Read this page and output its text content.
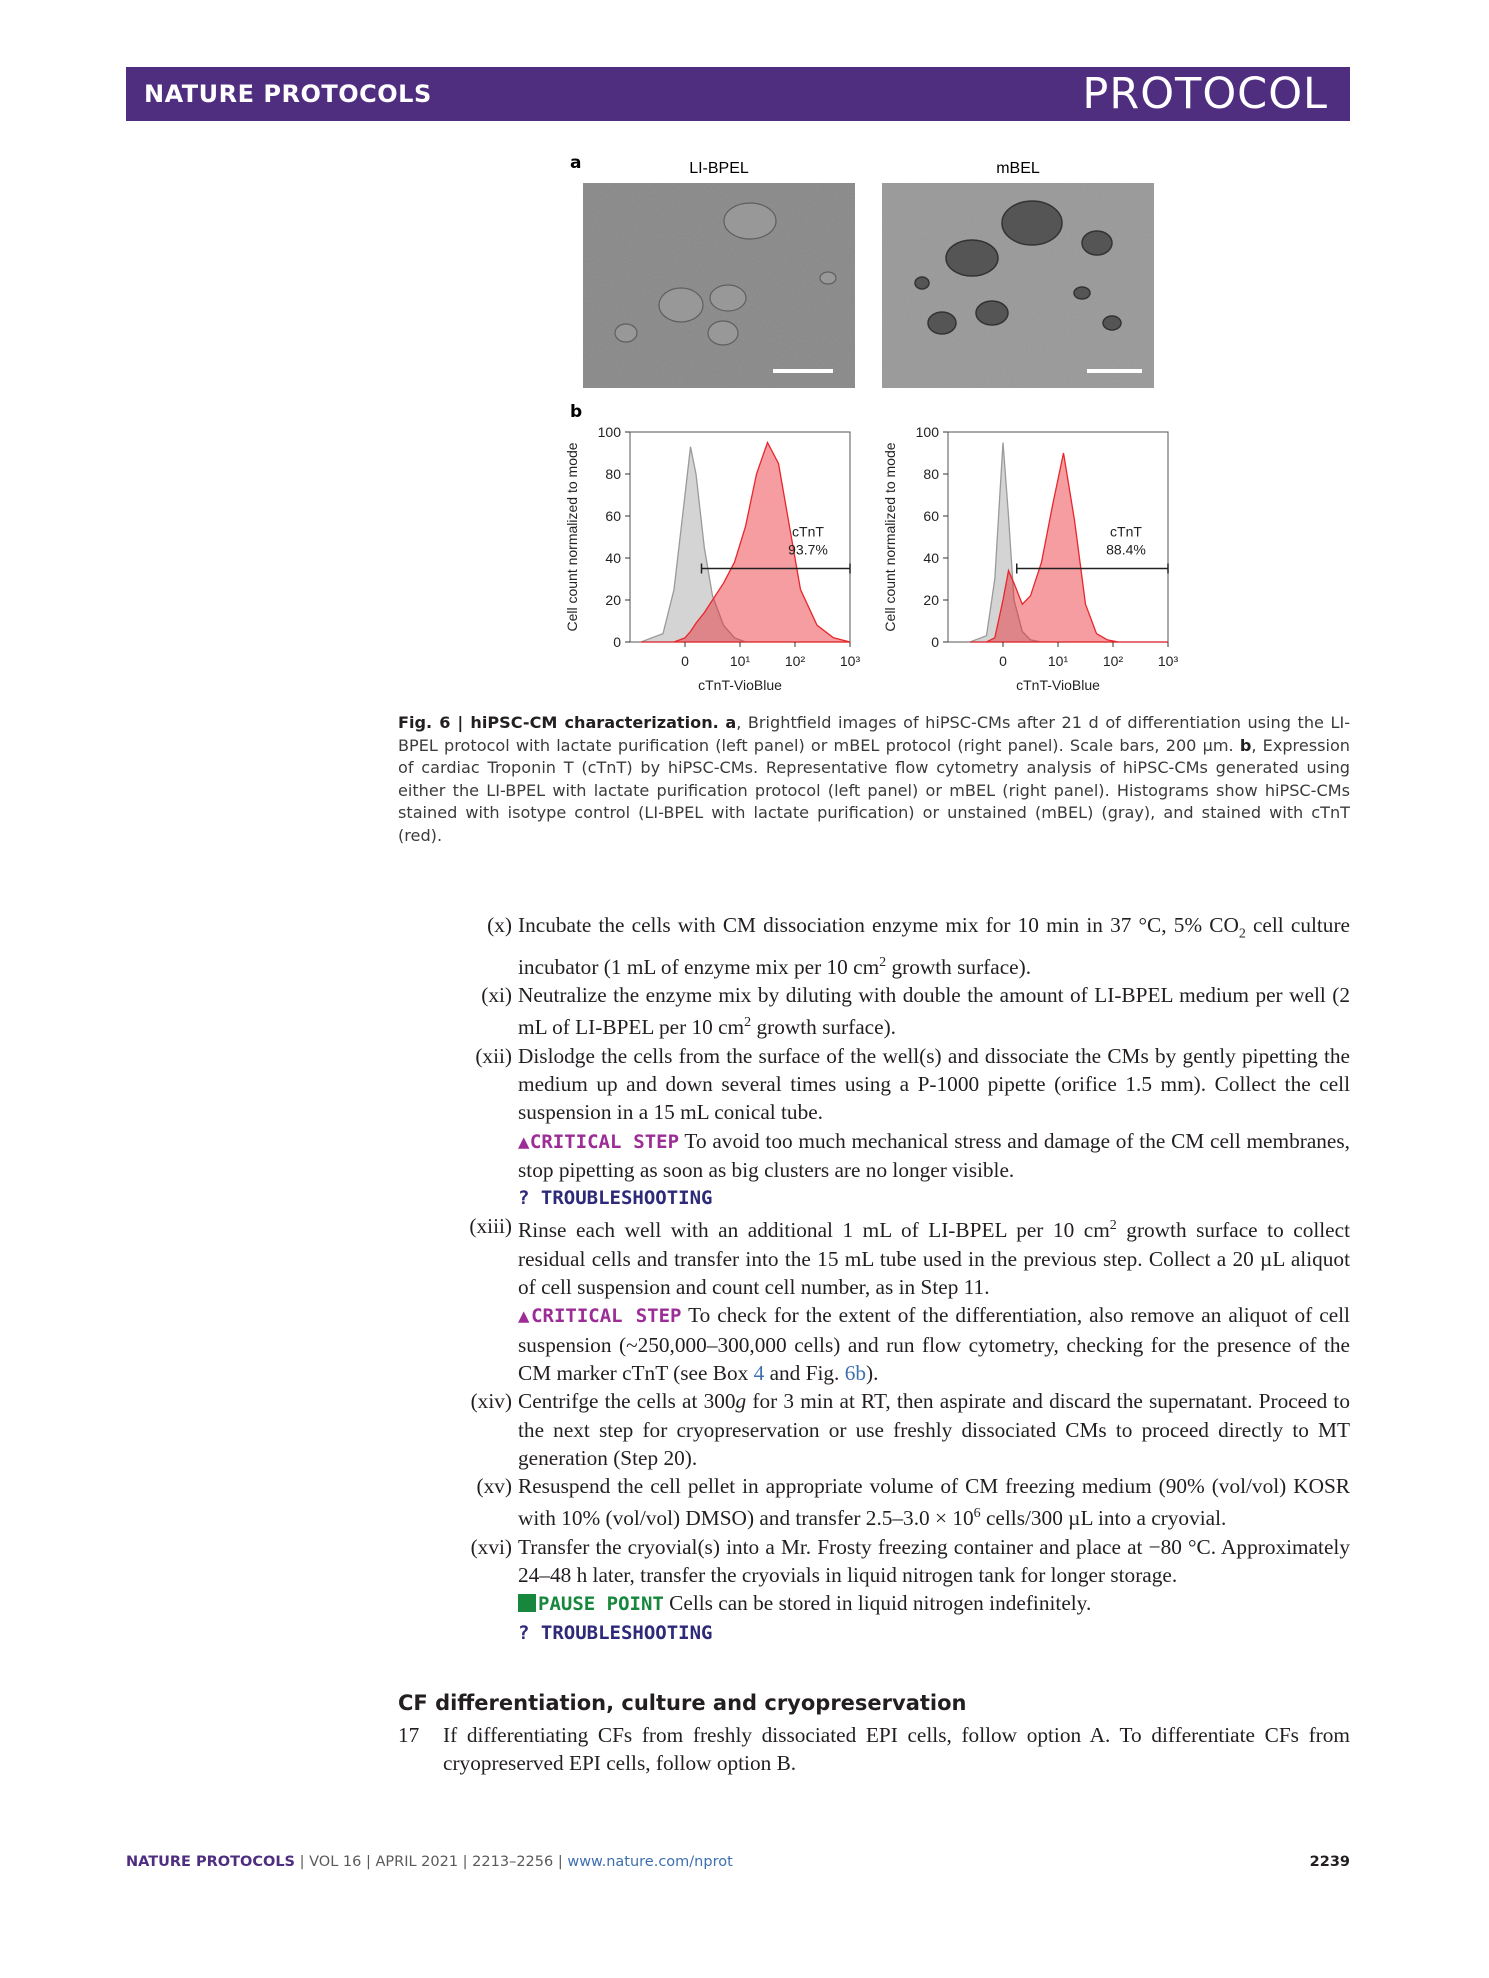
NATURE PROTOCOLS	PROTOCOL
a	LI-BPEL	mBEL
b
0
20
40
60
80
100
0	10¹ 10² 10³
cTnT-VioBlue
Cell count normalized to mode	cTnT
93.7%
0
20
40
60
80
100
0	10¹ 10² 10³
cTnT-VioBlue
Cell count normalized to mode	cTnT
88.4%
Fig. 6 | hiPSC-CM characterization. a, Brightfield images of hiPSC-CMs after 21 d of differentiation using the LI-BPEL protocol with lactate purification (left panel) or mBEL protocol (right panel). Scale bars, 200 µm. b, Expression of cardiac Troponin T (cTnT) by hiPSC-CMs. Representative flow cytometry analysis of hiPSC-CMs generated using either the LI-BPEL with lactate purification protocol (left panel) or mBEL (right panel). Histograms show hiPSC-CMs stained with isotype control (LI-BPEL with lactate purification) or unstained (mBEL) (gray), and stained with cTnT (red).
(x) Incubate the cells with CM dissociation enzyme mix for 10 min in 37 °C, 5% $CO_2$ cell culture incubator (1 mL of enzyme mix per 10 $cm^2$ growth surface).
(xi) Neutralize the enzyme mix by diluting with double the amount of LI-BPEL medium per well (2 mL of LI-BPEL per 10 $cm^2$ growth surface).
(xii) Dislodge the cells from the surface of the well(s) and dissociate the CMs by gently pipetting the medium up and down several times using a P-1000 pipette (orifice 1.5 mm). Collect the cell suspension in a 15 mL conical tube.
▲CRITICAL STEP To avoid too much mechanical stress and damage of the CM cell membranes, stop pipetting as soon as big clusters are no longer visible.
? TROUBLESHOOTING
(xiii) Rinse each well with an additional 1 mL of LI-BPEL per 10 $cm^2$ growth surface to collect residual cells and transfer into the 15 mL tube used in the previous step. Collect a 20 µL aliquot of cell suspension and count cell number, as in Step 11.
▲CRITICAL STEP To check for the extent of the differentiation, also remove an aliquot of cell suspension (~250,000–300,000 cells) and run flow cytometry, checking for the presence of the CM marker cTnT (see Box 4 and Fig. 6b).
(xiv) Centrifge the cells at 300g for 3 min at RT, then aspirate and discard the supernatant. Proceed to the next step for cryopreservation or use freshly dissociated CMs to proceed directly to MT generation (Step 20).
(xv) Resuspend the cell pellet in appropriate volume of CM freezing medium (90% (vol/vol) KOSR with 10% (vol/vol) DMSO) and transfer $2.5-3.0 \times 10^6$ cells/300 µL into a cryovial.
(xvi) Transfer the cryovial(s) into a Mr. Frosty freezing container and place at −80 °C. Approximately 24–48 h later, transfer the cryovials in liquid nitrogen tank for longer storage.
PAUSE POINT Cells can be stored in liquid nitrogen indefinitely.
? TROUBLESHOOTING
CF differentiation, culture and cryopreservation
17	If differentiating CFs from freshly dissociated EPI cells, follow option A. To differentiate CFs from cryopreserved EPI cells, follow option B.
NATURE PROTOCOLS | VOL 16 | APRIL 2021 | 2213–2256 | www.nature.com/nprot	2239
